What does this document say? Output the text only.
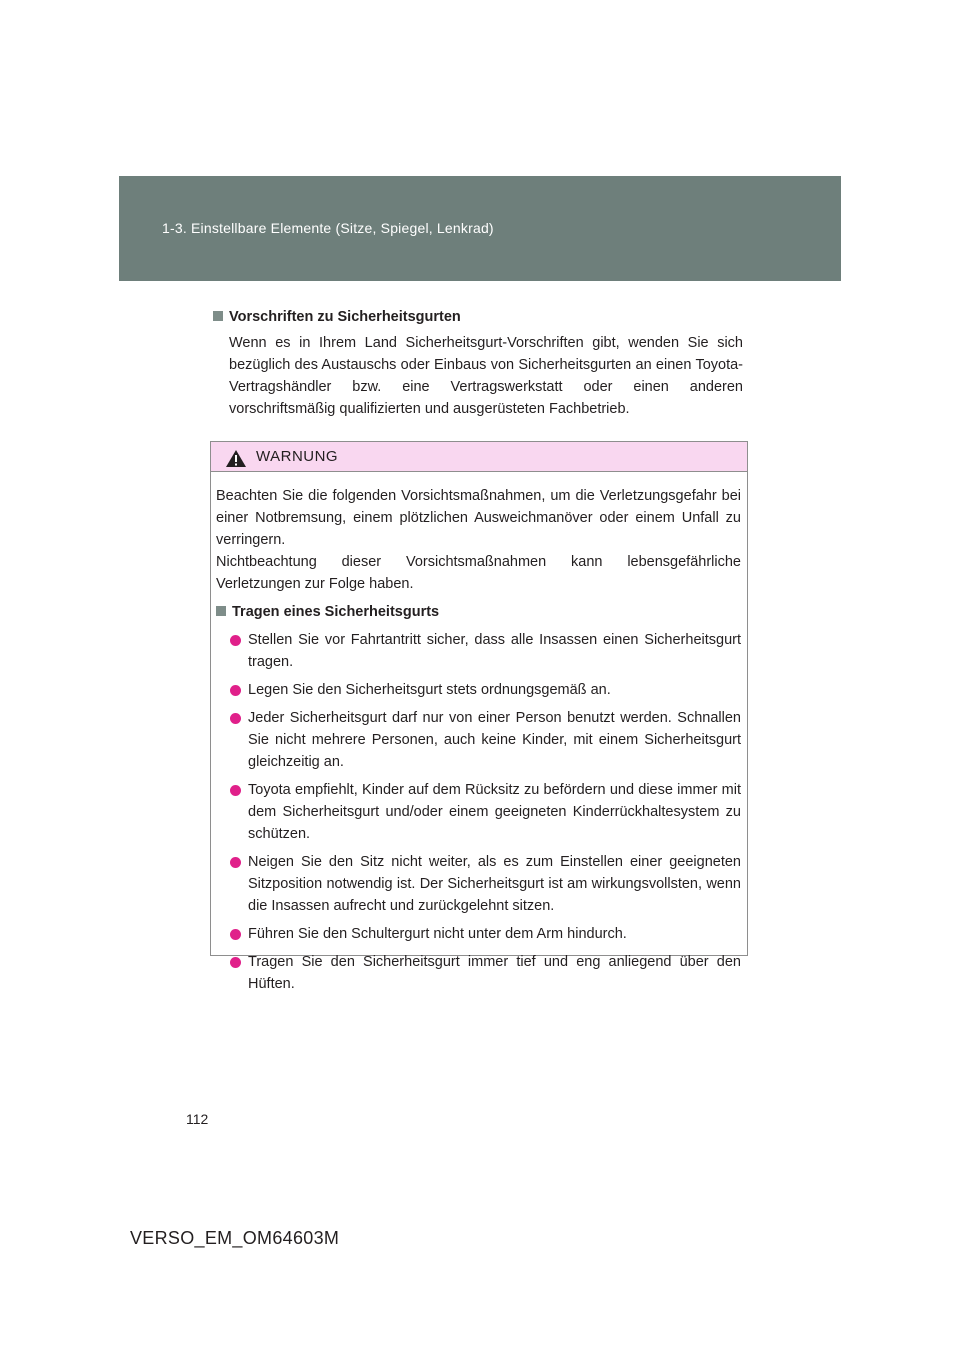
1-3. Einstellbare Elemente (Sitze, Spiegel, Lenkrad)
Vorschriften zu Sicherheitsgurten

Wenn es in Ihrem Land Sicherheitsgurt-Vorschriften gibt, wenden Sie sich bezüglich des Austauschs oder Einbaus von Sicherheitsgurten an einen Toyota-Vertragshändler bzw. eine Vertragswerkstatt oder einen anderen vorschriftsmäßig qualifizierten und ausgerüsteten Fachbetrieb.

WARNUNG

Beachten Sie die folgenden Vorsichtsmaßnahmen, um die Verletzungsgefahr bei einer Notbremsung, einem plötzlichen Ausweichmanöver oder einem Unfall zu verringern.

Nichtbeachtung dieser Vorsichtsmaßnahmen kann lebensgefährliche Verletzungen zur Folge haben.

Tragen eines Sicherheitsgurts
Stellen Sie vor Fahrtantritt sicher, dass alle Insassen einen Sicherheitsgurt tragen.
Legen Sie den Sicherheitsgurt stets ordnungsgemäß an.
Jeder Sicherheitsgurt darf nur von einer Person benutzt werden. Schnallen Sie nicht mehrere Personen, auch keine Kinder, mit einem Sicherheitsgurt gleichzeitig an.
Toyota empfiehlt, Kinder auf dem Rücksitz zu befördern und diese immer mit dem Sicherheitsgurt und/oder einem geeigneten Kinderrückhaltesystem zu schützen.
Neigen Sie den Sitz nicht weiter, als es zum Einstellen einer geeigneten Sitzposition notwendig ist. Der Sicherheitsgurt ist am wirkungsvollsten, wenn die Insassen aufrecht und zurückgelehnt sitzen.
Führen Sie den Schultergurt nicht unter dem Arm hindurch.
Tragen Sie den Sicherheitsgurt immer tief und eng anliegend über den Hüften.
112
VERSO_EM_OM64603M
